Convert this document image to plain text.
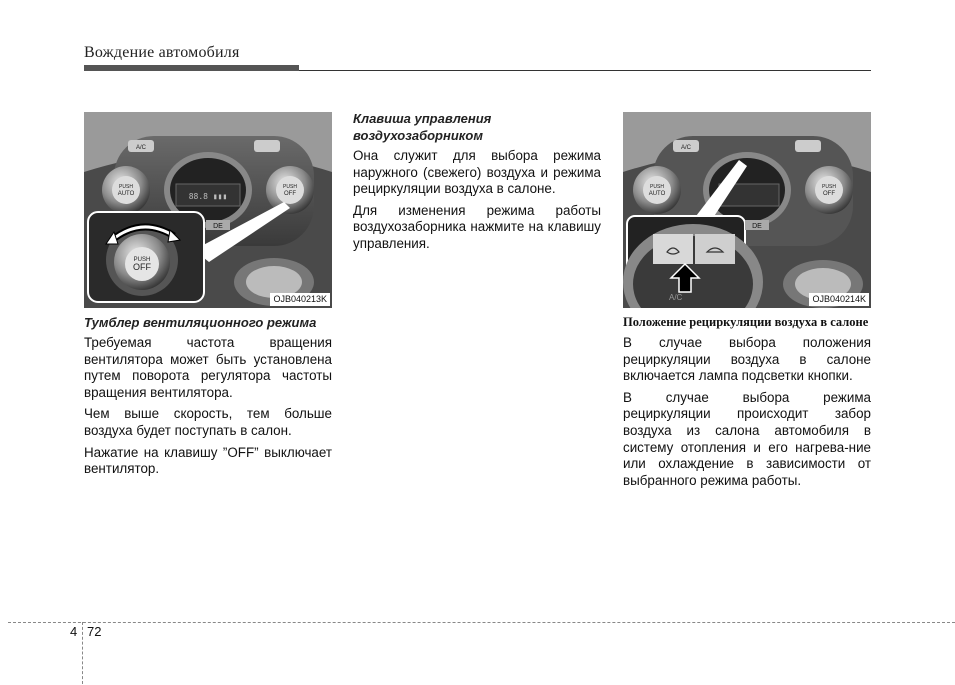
Вождение автомобиля
A/C
88.8 ▮▮▮
PUSH
AUTO
PUSH
OFF
PUSH
OFF
DE
OJB040213K
Тумблер вентиляционного режима

Требуемая частота вращения вентилятора может быть установлена путем поворота регулятора частоты вращения вентилятора.

Чем выше скорость, тем больше воздуха будет поступать в салон.

Нажатие на клавишу ”OFF” выключает вентилятор.

Клавиша управления воздухозаборником

Она служит для выбора режима наружного (свежего) воздуха и режима рециркуляции воздуха в салоне.

Для изменения режима работы воздухозаборника нажмите на клавишу управления.

A/C
PUSH
AUTO
PUSH
OFF
A/C
DE
OJB040214K
Положение рециркуляции воздуха в салоне

В случае выбора положения рециркуляции воздуха в салоне включается лампа подсветки кнопки.

В случае выбора режима рециркуляции происходит забор воздуха из салона автомобиля в систему отопления и его нагрева-ние или охлаждение в зависимости от выбранного режима работы.

4 72
